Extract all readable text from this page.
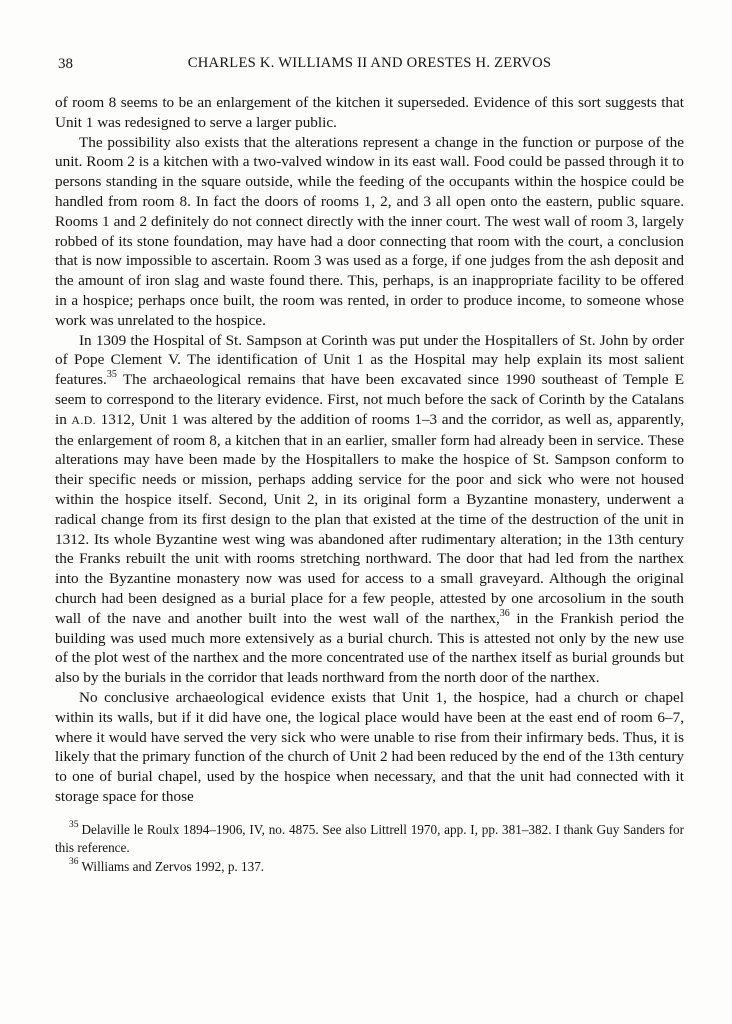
38	CHARLES K. WILLIAMS II AND ORESTES H. ZERVOS

of room 8 seems to be an enlargement of the kitchen it superseded. Evidence of this sort suggests that Unit 1 was redesigned to serve a larger public.

The possibility also exists that the alterations represent a change in the function or purpose of the unit. Room 2 is a kitchen with a two-valved window in its east wall. Food could be passed through it to persons standing in the square outside, while the feeding of the occupants within the hospice could be handled from room 8. In fact the doors of rooms 1, 2, and 3 all open onto the eastern, public square. Rooms 1 and 2 definitely do not connect directly with the inner court. The west wall of room 3, largely robbed of its stone foundation, may have had a door connecting that room with the court, a conclusion that is now impossible to ascertain. Room 3 was used as a forge, if one judges from the ash deposit and the amount of iron slag and waste found there. This, perhaps, is an inappropriate facility to be offered in a hospice; perhaps once built, the room was rented, in order to produce income, to someone whose work was unrelated to the hospice.

In 1309 the Hospital of St. Sampson at Corinth was put under the Hospitallers of St. John by order of Pope Clement V. The identification of Unit 1 as the Hospital may help explain its most salient features.$^{35}$ The archaeological remains that have been excavated since 1990 southeast of Temple E seem to correspond to the literary evidence. First, not much before the sack of Corinth by the Catalans in A.D. 1312, Unit 1 was altered by the addition of rooms 1–3 and the corridor, as well as, apparently, the enlargement of room 8, a kitchen that in an earlier, smaller form had already been in service. These alterations may have been made by the Hospitallers to make the hospice of St. Sampson conform to their specific needs or mission, perhaps adding service for the poor and sick who were not housed within the hospice itself. Second, Unit 2, in its original form a Byzantine monastery, underwent a radical change from its first design to the plan that existed at the time of the destruction of the unit in 1312. Its whole Byzantine west wing was abandoned after rudimentary alteration; in the 13th century the Franks rebuilt the unit with rooms stretching northward. The door that had led from the narthex into the Byzantine monastery now was used for access to a small graveyard. Although the original church had been designed as a burial place for a few people, attested by one arcosolium in the south wall of the nave and another built into the west wall of the narthex,$^{36}$ in the Frankish period the building was used much more extensively as a burial church. This is attested not only by the new use of the plot west of the narthex and the more concentrated use of the narthex itself as burial grounds but also by the burials in the corridor that leads northward from the north door of the narthex.

No conclusive archaeological evidence exists that Unit 1, the hospice, had a church or chapel within its walls, but if it did have one, the logical place would have been at the east end of room 6–7, where it would have served the very sick who were unable to rise from their infirmary beds. Thus, it is likely that the primary function of the church of Unit 2 had been reduced by the end of the 13th century to one of burial chapel, used by the hospice when necessary, and that the unit had connected with it storage space for those

$^{35}$ Delaville le Roulx 1894–1906, IV, no. 4875. See also Littrell 1970, app. I, pp. 381–382. I thank Guy Sanders for this reference.

$^{36}$ Williams and Zervos 1992, p. 137.
